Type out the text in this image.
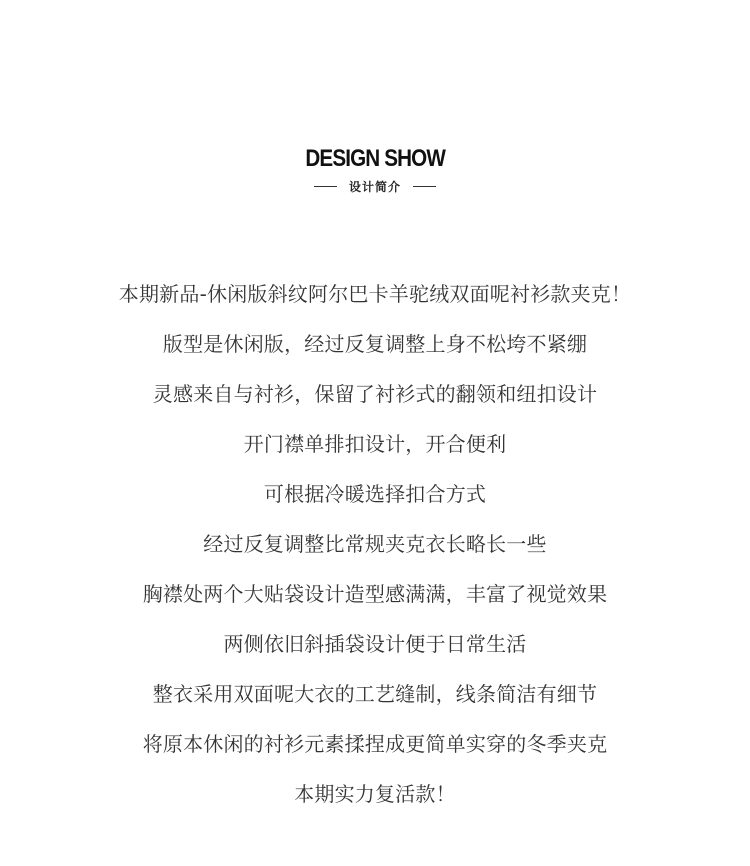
DESIGN SHOW
设计简介
本期新品-休闲版斜纹阿尔巴卡羊驼绒双面呢衬衫款夹克！
版型是休闲版，经过反复调整上身不松垮不紧绷
灵感来自与衬衫，保留了衬衫式的翻领和纽扣设计
开门襟单排扣设计，开合便利
可根据冷暖选择扣合方式
经过反复调整比常规夹克衣长略长一些
胸襟处两个大贴袋设计造型感满满，丰富了视觉效果
两侧依旧斜插袋设计便于日常生活
整衣采用双面呢大衣的工艺缝制，线条简洁有细节
将原本休闲的衬衫元素揉捏成更简单实穿的冬季夹克
本期实力复活款！
